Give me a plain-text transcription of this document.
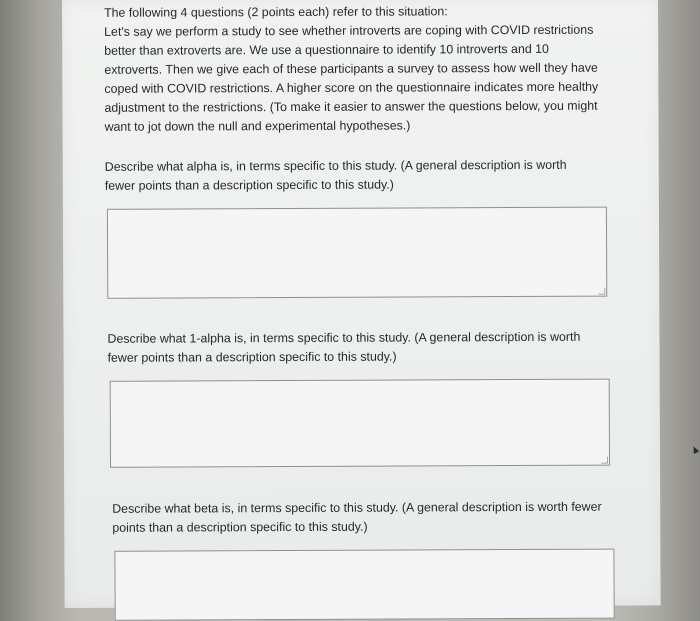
The following 4 questions (2 points each) refer to this situation:
Let's say we perform a study to see whether introverts are coping with COVID restrictions
better than extroverts are. We use a questionnaire to identify 10 introverts and 10
extroverts. Then we give each of these participants a survey to assess how well they have
coped with COVID restrictions. A higher score on the questionnaire indicates more healthy
adjustment to the restrictions. (To make it easier to answer the questions below, you might
want to jot down the null and experimental hypotheses.)

Describe what alpha is, in terms specific to this study. (A general description is worth
fewer points than a description specific to this study.)

Describe what 1-alpha is, in terms specific to this study. (A general description is worth
fewer points than a description specific to this study.)

Describe what beta is, in terms specific to this study. (A general description is worth fewer
points than a description specific to this study.)
